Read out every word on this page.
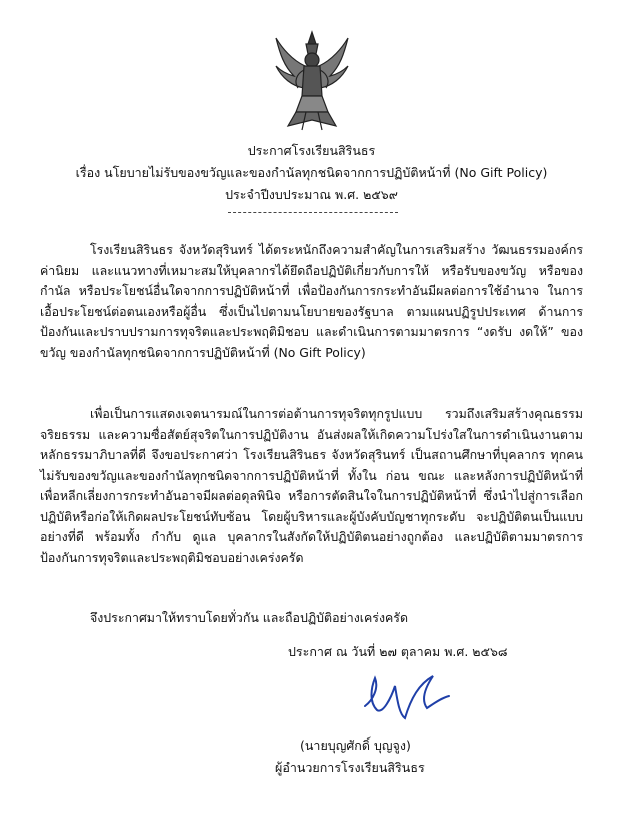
ประกาศโรงเรียนสิรินธร
เรื่อง นโยบายไม่รับของขวัญและของกำนัลทุกชนิดจากการปฏิบัติหน้าที่ (No Gift Policy)
ประจำปีงบประมาณ พ.ศ. ๒๕๖๙

โรงเรียนสิรินธร จังหวัดสุรินทร์ ได้ตระหนักถึงความสำคัญในการเสริมสร้าง วัฒนธรรมองค์กร ค่านิยม และแนวทางที่เหมาะสมให้บุคลากรได้ยึดถือปฏิบัติเกี่ยวกับการให้ หรือรับของขวัญ หรือของกำนัล หรือประโยชน์อื่นใดจากการปฏิบัติหน้าที่ เพื่อป้องกันการกระทำอันมีผลต่อการใช้อำนาจ ในการเอื้อประโยชน์ต่อตนเองหรือผู้อื่น ซึ่งเป็นไปตามนโยบายของรัฐบาล ตามแผนปฏิรูปประเทศ ด้านการป้องกันและปราบปรามการทุจริตและประพฤติมิชอบ และดำเนินการตามมาตรการ “งดรับ งดให้” ของขวัญ ของกำนัลทุกชนิดจากการปฏิบัติหน้าที่ (No Gift Policy)

เพื่อเป็นการแสดงเจตนารมณ์ในการต่อต้านการทุจริตทุกรูปแบบ รวมถึงเสริมสร้างคุณธรรม จริยธรรม และความซื่อสัตย์สุจริตในการปฏิบัติงาน อันส่งผลให้เกิดความโปร่งใสในการดำเนินงานตามหลักธรรมาภิบาลที่ดี จึงขอประกาศว่า โรงเรียนสิรินธร จังหวัดสุรินทร์ เป็นสถานศึกษาที่บุคลากร ทุกคนไม่รับของขวัญและของกำนัลทุกชนิดจากการปฏิบัติหน้าที่ ทั้งใน ก่อน ขณะ และหลังการปฏิบัติหน้าที่ เพื่อหลีกเลี่ยงการกระทำอันอาจมีผลต่อดุลพินิจ หรือการตัดสินใจในการปฏิบัติหน้าที่ ซึ่งนำไปสู่การเลือก ปฏิบัติหรือก่อให้เกิดผลประโยชน์ทับซ้อน โดยผู้บริหารและผู้บังคับบัญชาทุกระดับ จะปฏิบัติตนเป็นแบบอย่างที่ดี พร้อมทั้ง กำกับ ดูแล บุคลากรในสังกัดให้ปฏิบัติตนอย่างถูกต้อง และปฏิบัติตามมาตรการป้องกันการทุจริตและประพฤติมิชอบอย่างเคร่งครัด

จึงประกาศมาให้ทราบโดยทั่วกัน และถือปฏิบัติอย่างเคร่งครัด

ประกาศ ณ วันที่ ๒๗ ตุลาคม พ.ศ. ๒๕๖๘
(นายบุญศักดิ์ บุญจูง)
ผู้อำนวยการโรงเรียนสิรินธร
